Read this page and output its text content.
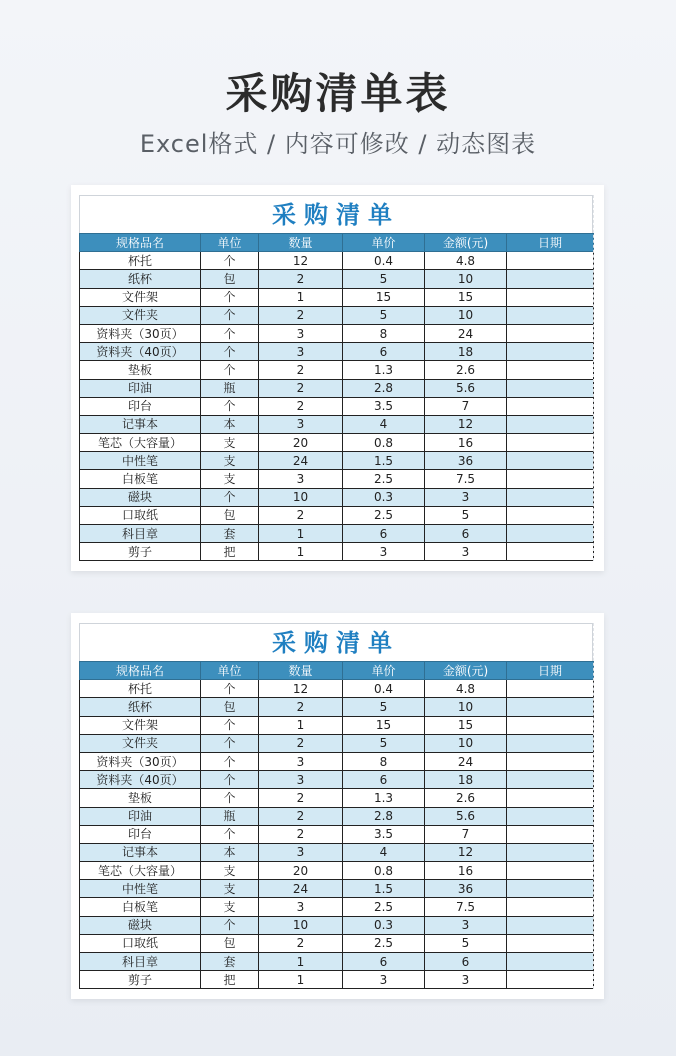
采购清单表
Excel格式 / 内容可修改 / 动态图表
采购清单
规格品名	单位	数量	单价	金额(元)	日期
杯托	个	12	0.4	4.8	
纸杯	包	2	5	10	
文件架	个	1	15	15	
文件夹	个	2	5	10	
资料夹（30页）	个	3	8	24	
资料夹（40页）	个	3	6	18	
垫板	个	2	1.3	2.6	
印油	瓶	2	2.8	5.6	
印台	个	2	3.5	7	
记事本	本	3	4	12	
笔芯（大容量）	支	20	0.8	16	
中性笔	支	24	1.5	36	
白板笔	支	3	2.5	7.5	
磁块	个	10	0.3	3	
口取纸	包	2	2.5	5	
科目章	套	1	6	6	
剪子	把	1	3	3	
采购清单
规格品名	单位	数量	单价	金额(元)	日期
杯托	个	12	0.4	4.8	
纸杯	包	2	5	10	
文件架	个	1	15	15	
文件夹	个	2	5	10	
资料夹（30页）	个	3	8	24	
资料夹（40页）	个	3	6	18	
垫板	个	2	1.3	2.6	
印油	瓶	2	2.8	5.6	
印台	个	2	3.5	7	
记事本	本	3	4	12	
笔芯（大容量）	支	20	0.8	16	
中性笔	支	24	1.5	36	
白板笔	支	3	2.5	7.5	
磁块	个	10	0.3	3	
口取纸	包	2	2.5	5	
科目章	套	1	6	6	
剪子	把	1	3	3	
